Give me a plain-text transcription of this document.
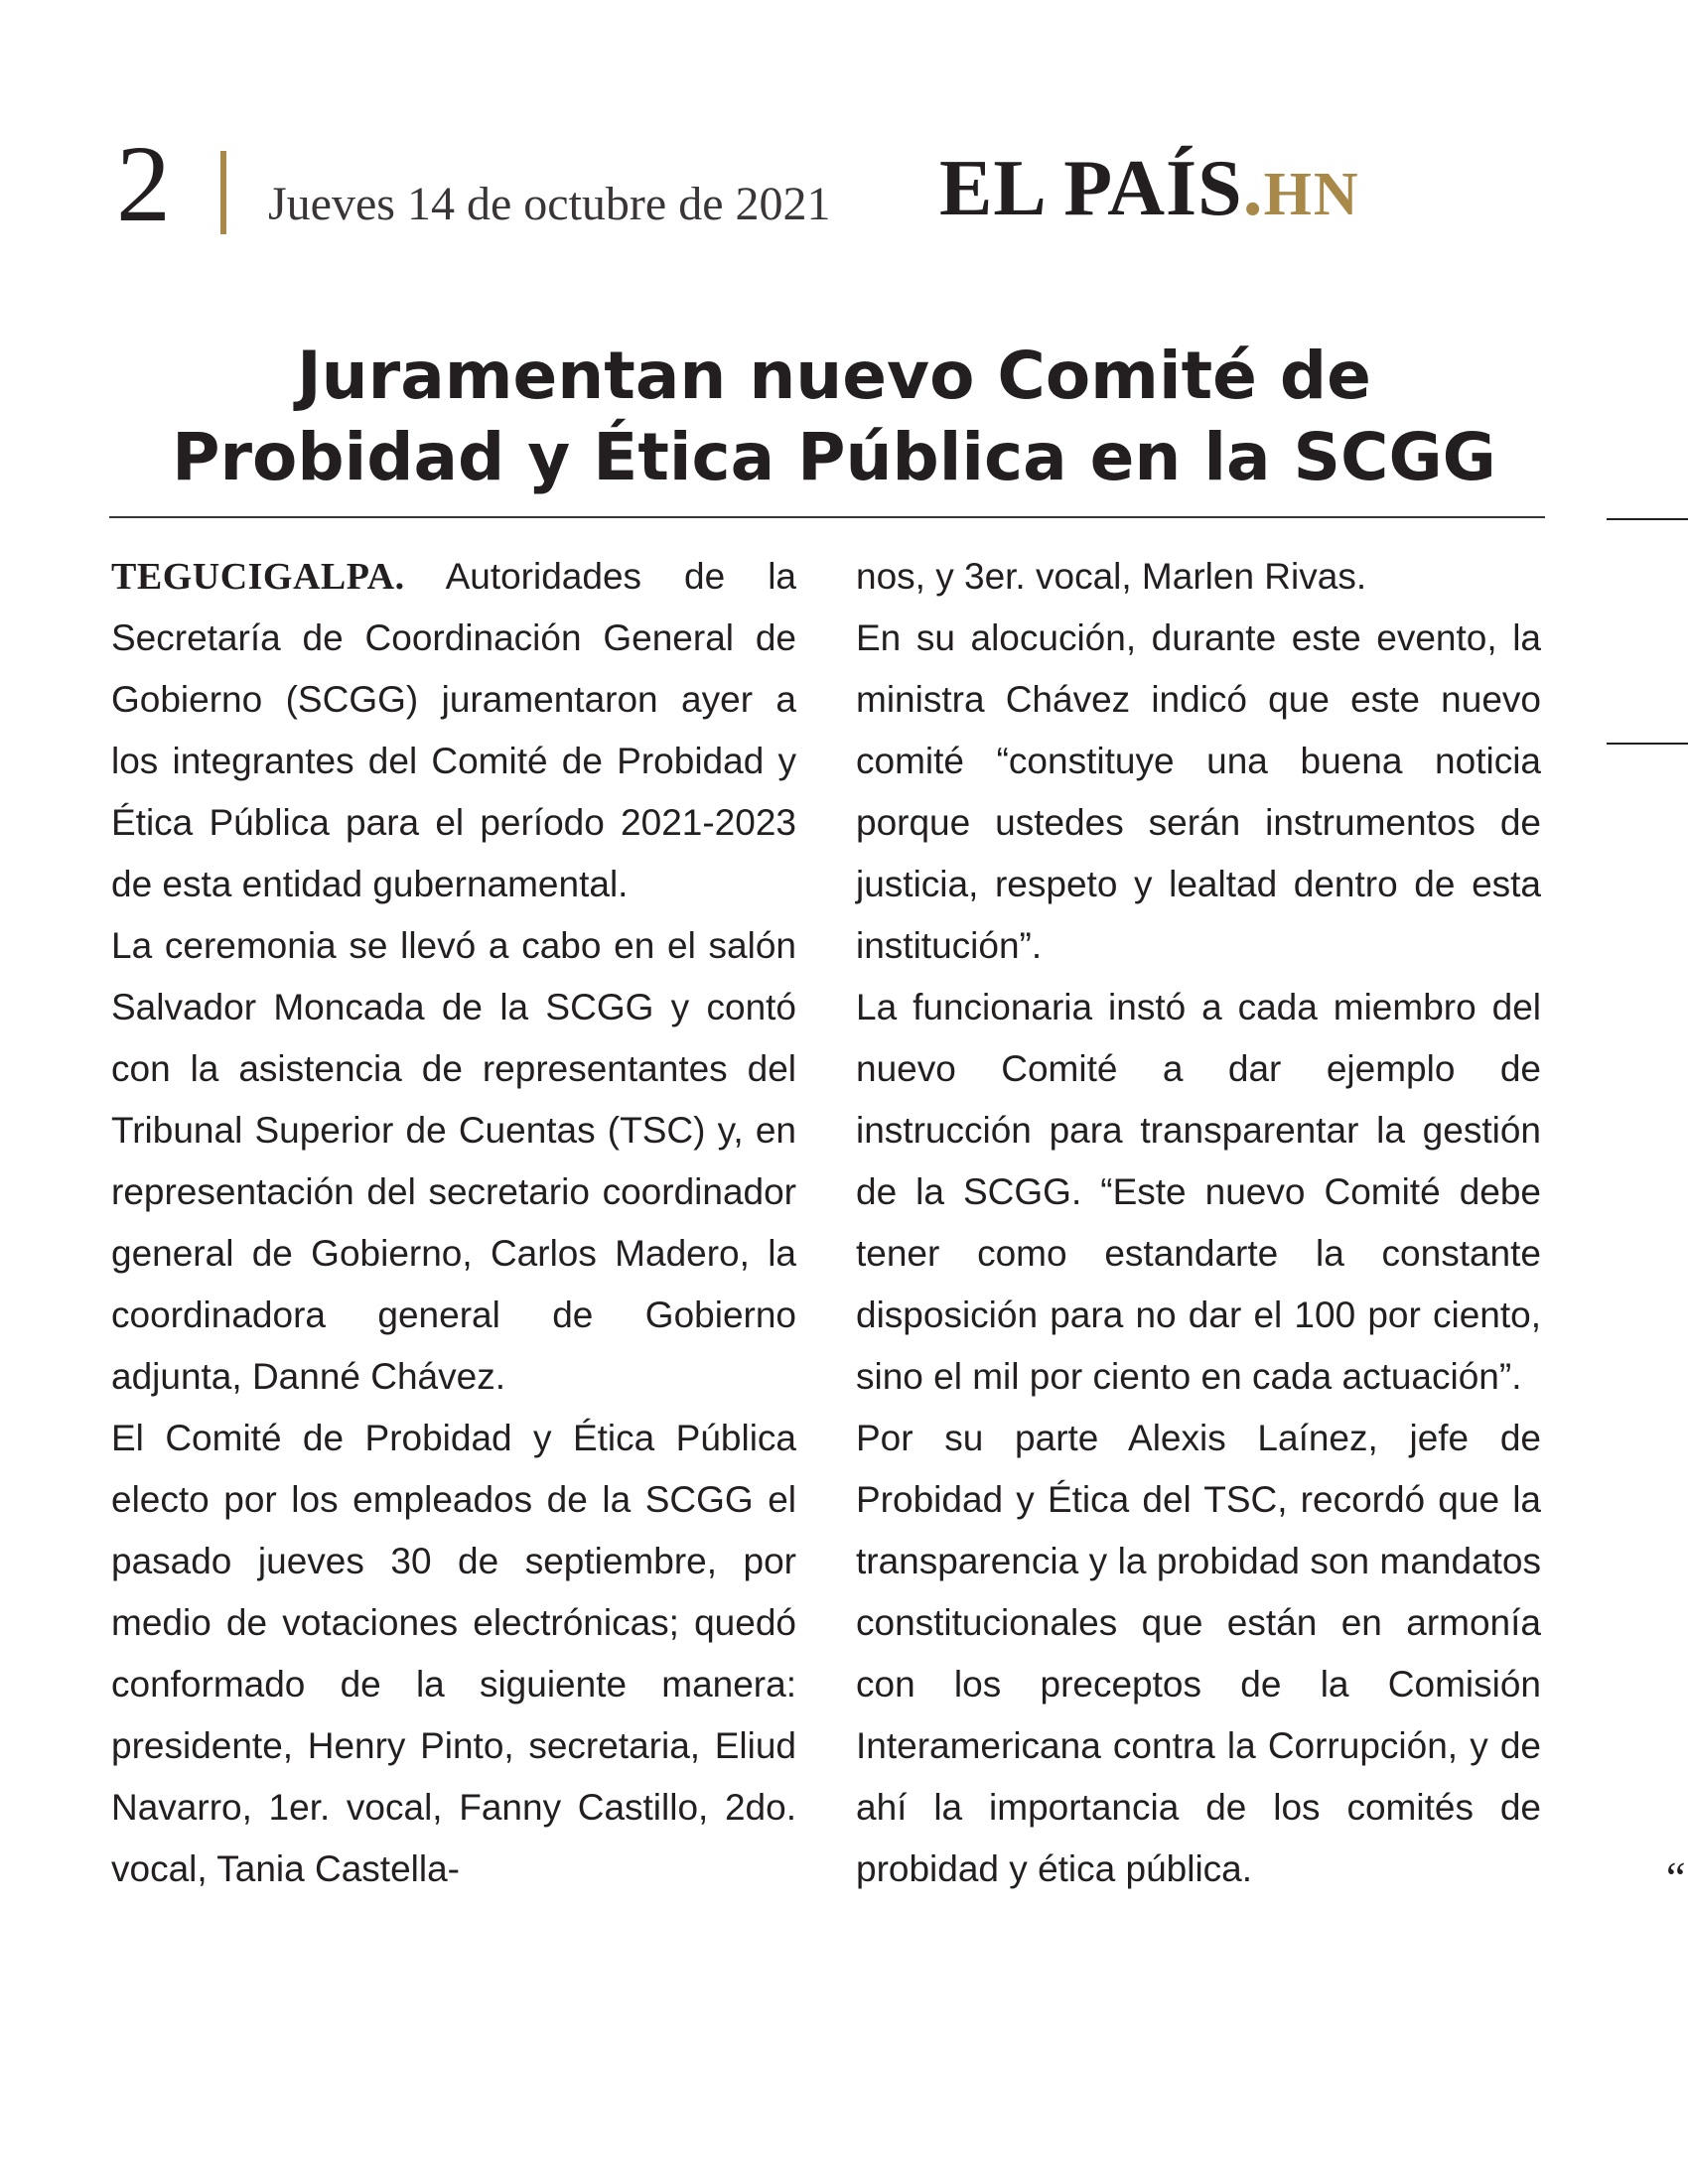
2 Jueves 14 de octubre de 2021 EL PAÍS.HN
Juramentan nuevo Comité de
Probidad y Ética Pública en la SCGG
“

TEGUCIGALPA. Autoridades de la Secretaría de Coordinación General de Gobierno (SCGG) juramentaron ayer a los integrantes del Comité de Probidad y Ética Pública para el período 2021-2023 de esta entidad gubernamental.

La ceremonia se llevó a cabo en el salón Salvador Moncada de la SCGG y contó con la asistencia de representantes del Tribunal Superior de Cuentas (TSC) y, en representación del secretario coordinador general de Gobierno, Carlos Madero, la coordinadora general de Gobierno adjunta, Danné Chávez.

El Comité de Probidad y Ética Pública electo por los empleados de la SCGG el pasado jueves 30 de septiembre, por medio de votaciones electrónicas; quedó conformado de la siguiente manera: presidente, Henry Pinto, secretaria, Eliud Navarro, 1er. vocal, Fanny Castillo, 2do. vocal, Tania Castella-

nos, y 3er. vocal, Marlen Rivas.

En su alocución, durante este evento, la ministra Chávez indicó que este nuevo comité “constituye una buena noticia porque ustedes serán instrumentos de justicia, respeto y lealtad dentro de esta institución”.

La funcionaria instó a cada miembro del nuevo Comité a dar ejemplo de instrucción para transparentar la gestión de la SCGG. “Este nuevo Comité debe tener como estandarte la constante disposición para no dar el 100 por ciento, sino el mil por ciento en cada actuación”.

Por su parte Alexis Laínez, jefe de Probidad y Ética del TSC, recordó que la transparencia y la probidad son mandatos constitucionales que están en armonía con los preceptos de la Comisión Interamericana contra la Corrupción, y de ahí la importancia de los comités de probidad y ética pública.
